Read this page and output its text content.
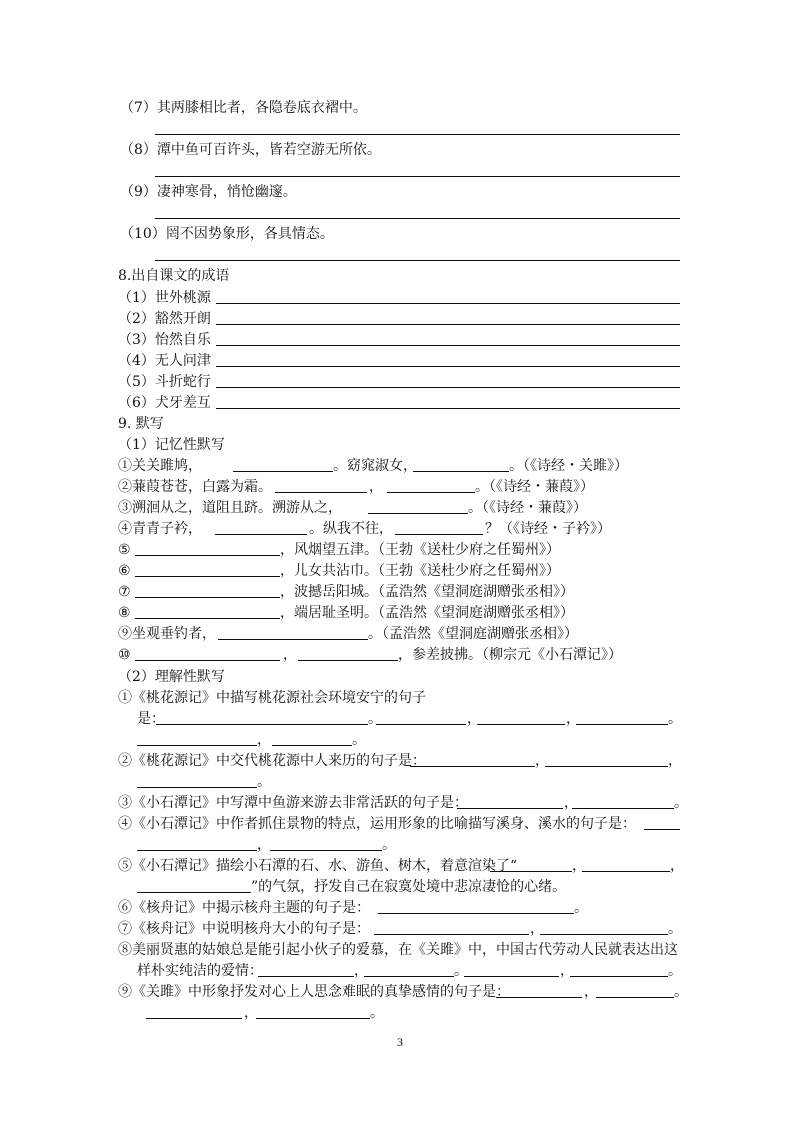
（7）其两膝相比者，各隐卷底衣褶中。
（8）潭中鱼可百许头，皆若空游无所依。
（9）凄神寒骨，悄怆幽邃。
（10）罔不因势象形，各具情态。
8.出自课文的成语
（1）世外桃源
（2）豁然开朗
（3）怡然自乐
（4）无人问津
（5）斗折蛇行
（6）犬牙差互
9. 默写
（1）记忆性默写
①关关雎鸠，	。窈窕淑女，	。（《诗经・关雎》）
②蒹葭苍苍，白露为霜。	，	。（《诗经・蒹葭》）
③溯洄从之，道阻且跻。溯游从之，	。（《诗经・蒹葭》）
④青青子衿，	。纵我不往，	？（《诗经・子衿》）
⑤	，风烟望五津。（王勃《送杜少府之任蜀州》）
⑥	，儿女共沾巾。（王勃《送杜少府之任蜀州》）
⑦	，波撼岳阳城。（孟浩然《望洞庭湖赠张丞相》）
⑧	，端居耻圣明。（孟浩然《望洞庭湖赠张丞相》）
⑨坐观垂钓者，	。（孟浩然《望洞庭湖赠张丞相》）
⑩	，	，参差披拂。（柳宗元《小石潭记》）
（2）理解性默写
①《桃花源记》中描写桃花源社会环境安宁的句子
是：	。	，	，	。
，	。
②《桃花源记》中交代桃花源中人来历的句子是：	，	，
。
③《小石潭记》中写潭中鱼游来游去非常活跃的句子是：	，	。
④《小石潭记》中作者抓住景物的特点，运用形象的比喻描写溪身、溪水的句子是：
，	。
⑤《小石潭记》描绘小石潭的石、水、游鱼、树木，着意渲染了“	，	，
”的气氛，抒发自己在寂寞处境中悲凉凄怆的心绪。
⑥《核舟记》中揭示核舟主题的句子是：	。
⑦《核舟记》中说明核舟大小的句子是：	，	。
⑧美丽贤惠的姑娘总是能引起小伙子的爱慕，在《关雎》中，中国古代劳动人民就表达出这
样朴实纯洁的爱情：	，	。	，	。
⑨《关雎》中形象抒发对心上人思念难眠的真挚感情的句子是：	，	。
，	。
3
